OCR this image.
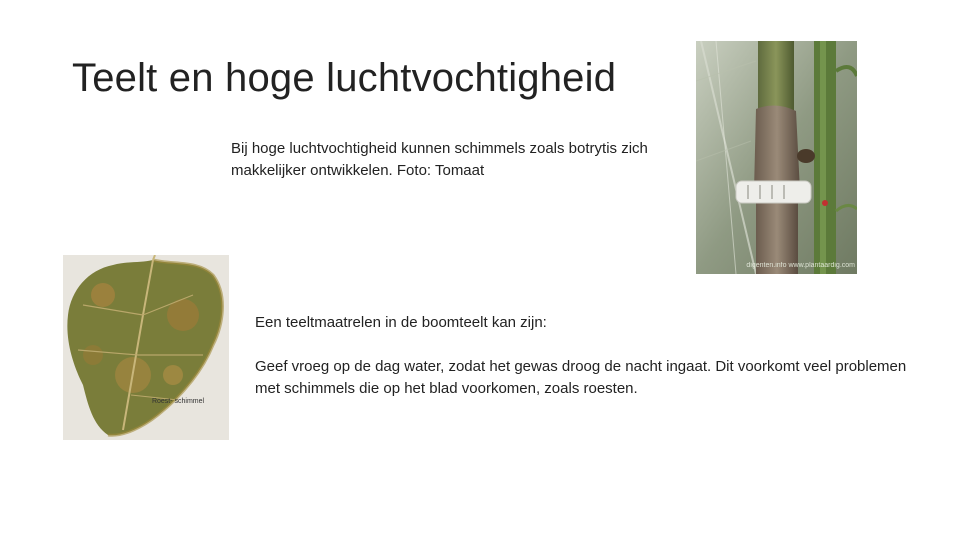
Teelt en hoge luchtvochtigheid
Bij hoge luchtvochtigheid kunnen schimmels zoals botrytis zich makkelijker ontwikkelen. Foto: Tomaat
digenten.info www.plantaardig.com
Roest- schimmel

Een teeltmaatrelen in de boomteelt kan zijn:

Geef vroeg op de dag water, zodat het gewas droog de nacht ingaat. Dit voorkomt veel problemen met schimmels die op het blad voorkomen, zoals roesten.
